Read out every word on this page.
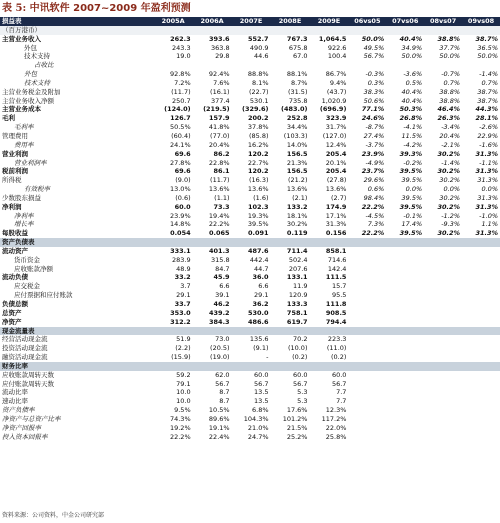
表 5: 中讯软件 2007~2009 年盈利预测
损益表	2005A	2006A	2007E	2008E	2009E	06vs05	07vs06	08vs07	09vs08
（百万港币）									
主营业务收入	262.3	393.6	552.7	767.3	1,064.5	50.0%	40.4%	38.8%	38.7%
外包	243.3	363.8	490.9	675.8	922.6	49.5%	34.9%	37.7%	36.5%
技术支持	19.0	29.8	44.6	67.0	100.4	56.7%	50.0%	50.0%	50.0%
占收比									
外包	92.8%	92.4%	88.8%	88.1%	86.7%	-0.3%	-3.6%	-0.7%	-1.4%
技术支持	7.2%	7.6%	8.1%	8.7%	9.4%	0.3%	0.5%	0.7%	0.7%
主营业务税金及附加	(11.7)	(16.1)	(22.7)	(31.5)	(43.7)	38.3%	40.4%	38.8%	38.7%
主营业务收入净额	250.7	377.4	530.1	735.8	1,020.9	50.6%	40.4%	38.8%	38.7%
主营业务成本	(124.0)	(219.5)	(329.6)	(483.0)	(696.9)	77.1%	50.3%	46.4%	44.3%
毛利	126.7	157.9	200.2	252.8	323.9	24.6%	26.8%	26.3%	28.1%
毛利率	50.5%	41.8%	37.8%	34.4%	31.7%	-8.7%	-4.1%	-3.4%	-2.6%
管理费用	(60.4)	(77.0)	(85.8)	(103.3)	(127.0)	27.4%	11.5%	20.4%	22.9%
费用率	24.1%	20.4%	16.2%	14.0%	12.4%	-3.7%	-4.2%	-2.1%	-1.6%
营业利润	69.6	86.2	120.2	156.5	205.4	23.9%	39.3%	30.2%	31.3%
营业利润率	27.8%	22.8%	22.7%	21.3%	20.1%	-4.9%	-0.2%	-1.4%	-1.1%
税前利润	69.6	86.1	120.2	156.5	205.4	23.7%	39.5%	30.2%	31.3%
所得税	(9.0)	(11.7)	(16.3)	(21.2)	(27.8)	29.6%	39.5%	30.2%	31.3%
有效税率	13.0%	13.6%	13.6%	13.6%	13.6%	0.6%	0.0%	0.0%	0.0%
少数股东损益	(0.6)	(1.1)	(1.6)	(2.1)	(2.7)	98.4%	39.5%	30.2%	31.3%
净利润	60.0	73.3	102.3	133.2	174.9	22.2%	39.5%	30.2%	31.3%
净利率	23.9%	19.4%	19.3%	18.1%	17.1%	-4.5%	-0.1%	-1.2%	-1.0%
增长率	14.8%	22.2%	39.5%	30.2%	31.3%	7.3%	17.4%	-9.3%	1.1%
每股收益	0.054	0.065	0.091	0.119	0.156	22.2%	39.5%	30.2%	31.3%
资产负债表									
流动资产	333.1	401.3	487.6	711.4	858.1				
货币资金	283.9	315.8	442.4	502.4	714.6				
应收账款净额	48.9	84.7	44.7	207.6	142.4				
流动负债	33.2	45.9	36.0	133.1	111.5				
应交税金	3.7	6.6	6.6	11.9	15.7				
应付票据和应付账款	29.1	39.1	29.1	120.9	95.5				
负债总额	33.7	46.2	36.2	133.3	111.8				
总资产	353.0	439.2	530.0	758.1	908.5				
净资产	312.2	384.3	486.6	619.7	794.4				
现金流量表									
经营活动现金流	51.9	73.0	135.6	70.2	223.3				
投资活动现金流	(2.2)	(20.5)	(9.1)	(10.0)	(11.0)				
融资活动现金流	(15.9)	(19.0)	-	(0.2)	(0.2)				
财务比率									
应收账款周转天数	59.2	62.0	60.0	60.0	60.0				
应付账款周转天数	79.1	56.7	56.7	56.7	56.7				
流动比率	10.0	8.7	13.5	5.3	7.7				
速动比率	10.0	8.7	13.5	5.3	7.7				
资产负债率	9.5%	10.5%	6.8%	17.6%	12.3%				
净资产与总资产比率	74.3%	89.6%	104.3%	101.2%	117.2%				
净资产回报率	19.2%	19.1%	21.0%	21.5%	22.0%				
投入资本回报率	22.2%	22.4%	24.7%	25.2%	25.8%				
资料来源：公司资料，中金公司研究部
